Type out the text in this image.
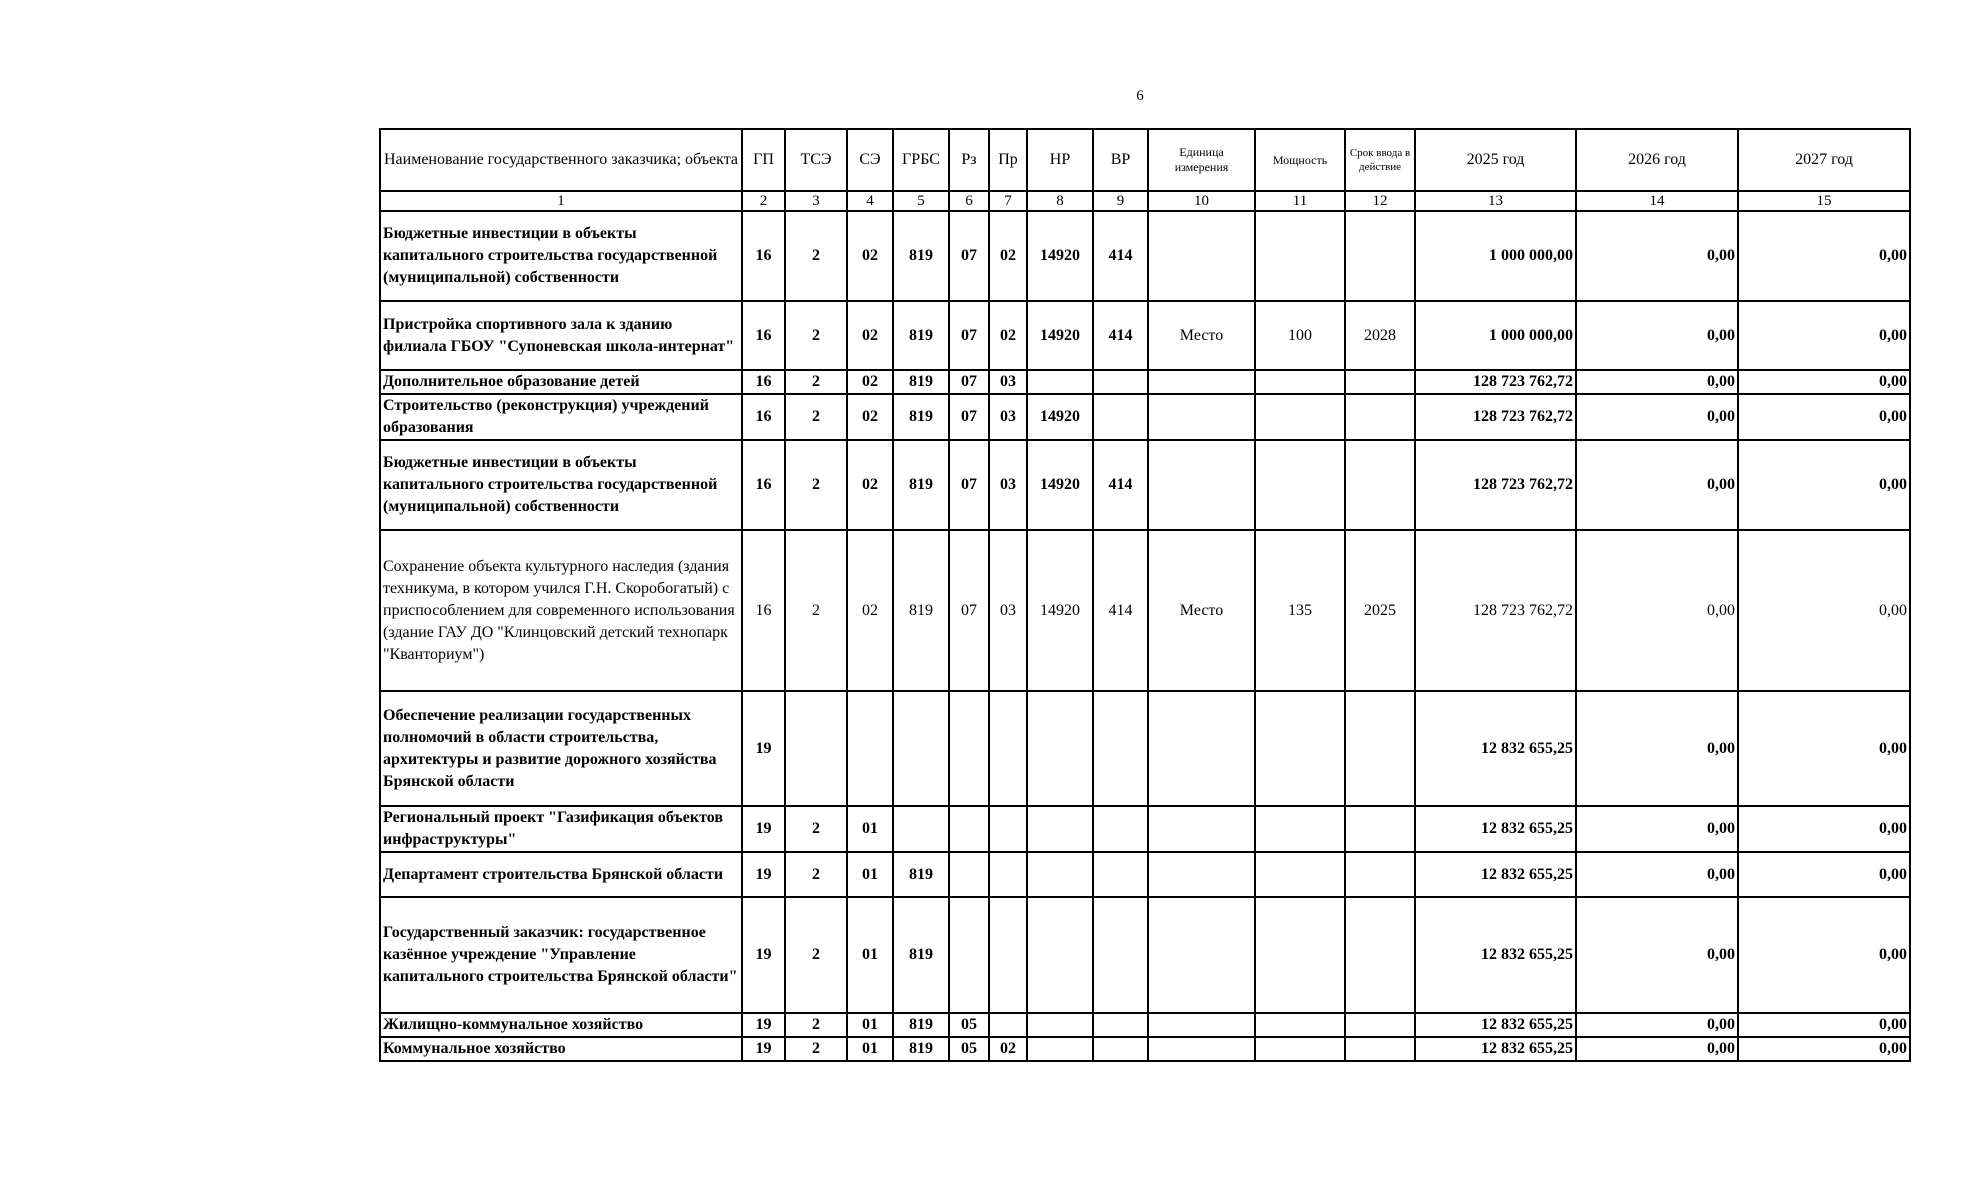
6
Наименование государственного заказчика; объекта	ГП	ТСЭ	СЭ	ГРБС	Рз	Пр	НР	ВР	Единица измерения	Мощность	Срок ввода в действие	2025 год	2026 год	2027 год
1	2	3	4	5	6	7	8	9	10	11	12	13	14	15
Бюджетные инвестиции в объекты капитального строительства государственной (муниципальной) собственности	16	2	02	819	07	02	14920	414				1 000 000,00	0,00	0,00
Пристройка спортивного зала к зданию филиала ГБОУ "Супоневская школа-интернат"	16	2	02	819	07	02	14920	414	Место	100	2028	1 000 000,00	0,00	0,00
Дополнительное образование детей	16	2	02	819	07	03						128 723 762,72	0,00	0,00
Строительство (реконструкция) учреждений образования	16	2	02	819	07	03	14920					128 723 762,72	0,00	0,00
Бюджетные инвестиции в объекты капитального строительства государственной (муниципальной) собственности	16	2	02	819	07	03	14920	414				128 723 762,72	0,00	0,00
Сохранение объекта культурного наследия (здания техникума, в котором учился Г.Н. Скоробогатый) с приспособлением для современного использования (здание ГАУ ДО "Клинцовский детский технопарк "Кванториум")	16	2	02	819	07	03	14920	414	Место	135	2025	128 723 762,72	0,00	0,00
Обеспечение реализации государственных полномочий в области строительства, архитектуры и развитие дорожного хозяйства Брянской области	19											12 832 655,25	0,00	0,00
Региональный проект "Газификация объектов инфраструктуры"	19	2	01									12 832 655,25	0,00	0,00
Департамент строительства Брянской области	19	2	01	819								12 832 655,25	0,00	0,00
Государственный заказчик: государственное казённое учреждение "Управление капитального строительства Брянской области"	19	2	01	819								12 832 655,25	0,00	0,00
Жилищно-коммунальное хозяйство	19	2	01	819	05							12 832 655,25	0,00	0,00
Коммунальное хозяйство	19	2	01	819	05	02						12 832 655,25	0,00	0,00
